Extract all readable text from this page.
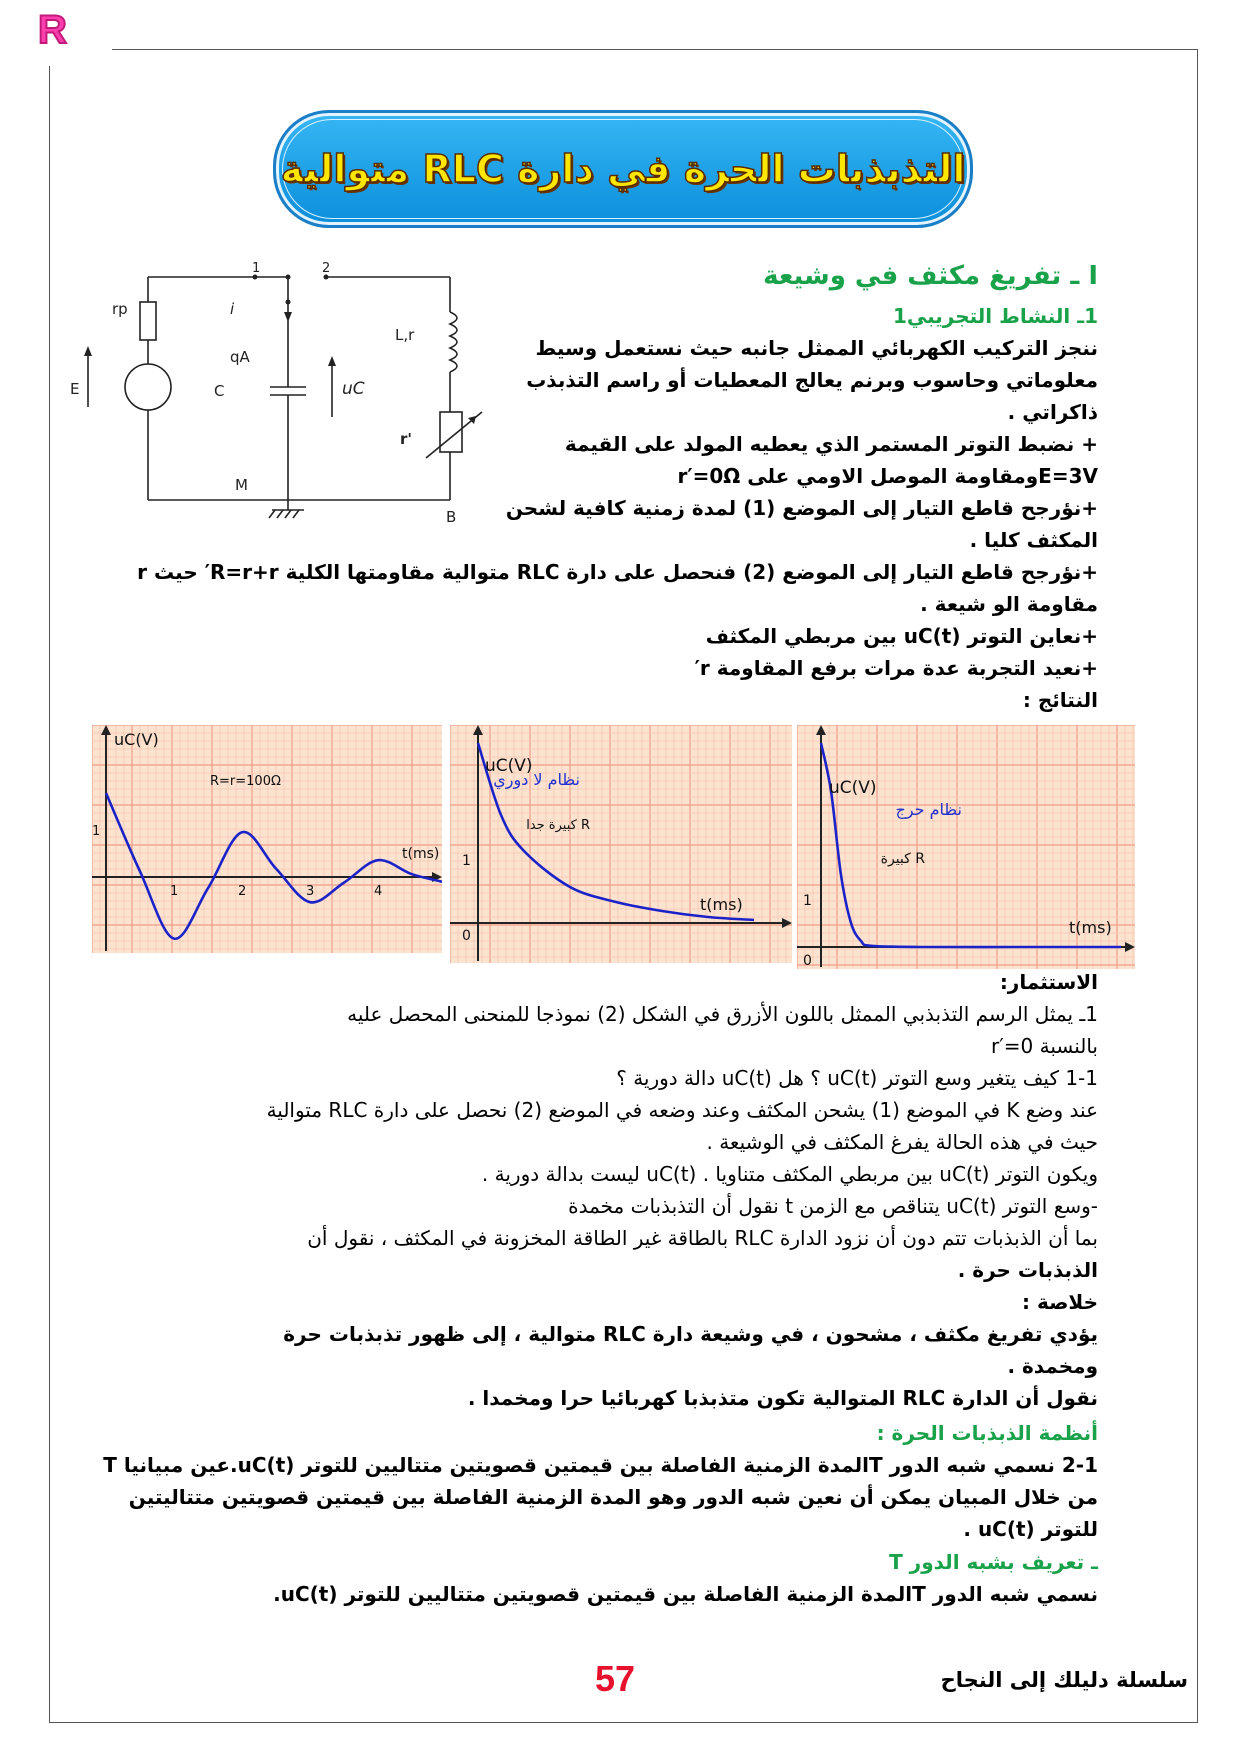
R
التذبذبات الحرة في دارة RLC متوالية
I ـ تفريغ مكثف في وشيعة
1ـ النشاط التجريبي1
ننجز التركيب الكهربائي الممثل جانبه حيث نستعمل وسيط
معلوماتي وحاسوب وبرنم يعالج المعطيات أو راسم التذبذب
ذاكراتي .
+ نضبط التوتر المستمر الذي يعطيه المولد على القيمة
E=3Vومقاومة الموصل الاومي على r′=0Ω
+نؤرجح قاطع التيار إلى الموضع (1) لمدة زمنية كافية لشحن
المكثف كليا .
+نؤرجح قاطع التيار إلى الموضع (2) فنحصل على دارة RLC متوالية مقاومتها الكلية R=r+r′ حيث r
مقاومة الو شيعة .
+نعاين التوتر uC(t) بين مربطي المكثف
+نعيد التجربة عدة مرات برفع المقاومة r′
النتائج :
rp
E
i
qA
C	uC
L,r
r'
M
B
1	2
uC(V)
t(ms)
R=r=100Ω
1
1	2	3	4
uC(V)
t(ms)
نظام لا دوري
R كبيرة جدا
1
0
uC(V)
t(ms)
نظام حرج
R كبيرة
1
0
الاستثمار:
1ـ يمثل الرسم التذبذبي الممثل باللون الأزرق في الشكل (2) نموذجا للمنحنى المحصل عليه
بالنسبة r′=0
1-1 كيف يتغير وسع التوتر uC(t) ؟ هل uC(t) دالة دورية ؟
عند وضع K في الموضع (1) يشحن المكثف وعند وضعه في الموضع (2) نحصل على دارة RLC متوالية
حيث في هذه الحالة يفرغ المكثف في الوشيعة .
ويكون التوتر uC(t) بين مربطي المكثف متناويا . uC(t) ليست بدالة دورية .
-وسع التوتر uC(t) يتناقص مع الزمن t نقول أن التذبذبات مخمدة
بما أن الذبذبات تتم دون أن نزود الدارة RLC بالطاقة غير الطاقة المخزونة في المكثف ، نقول أن
الذبذبات حرة .
خلاصة :
يؤدي تفريغ مكثف ، مشحون ، في وشيعة دارة RLC متوالية ، إلى ظهور تذبذبات حرة
ومخمدة .
نقول أن الدارة RLC المتوالية تكون متذبذبا كهربائيا حرا ومخمدا .
أنظمة الذبذبات الحرة :
2-1 نسمي شبه الدور Tالمدة الزمنية الفاصلة بين قيمتين قصويتين متتاليين للتوتر uC(t).عين مبيانيا T
من خلال المبيان يمكن أن نعين شبه الدور وهو المدة الزمنية الفاصلة بين قيمتين قصويتين متتاليتين
للتوتر uC(t) .
ـ تعريف بشبه الدور T
نسمي شبه الدور Tالمدة الزمنية الفاصلة بين قيمتين قصويتين متتاليين للتوتر uC(t).
57	سلسلة دليلك إلى النجاح
